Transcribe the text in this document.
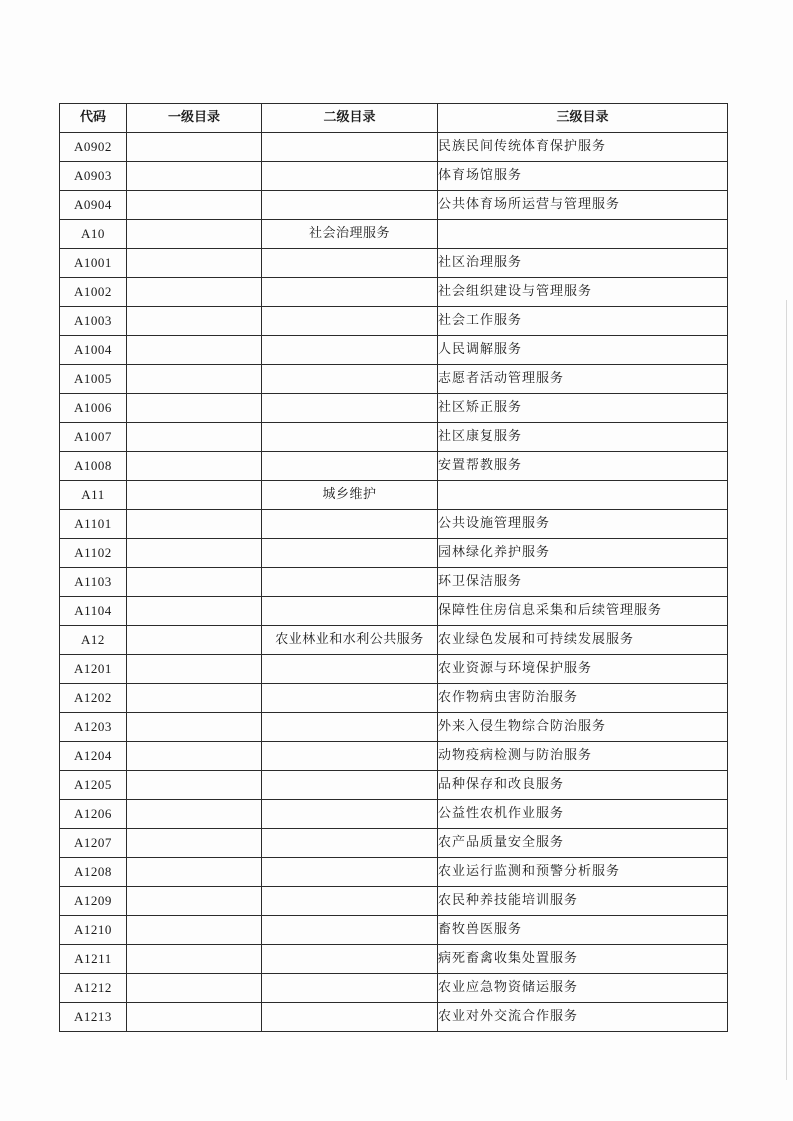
代码	一级目录	二级目录	三级目录
A0902			民族民间传统体育保护服务
A0903			体育场馆服务
A0904			公共体育场所运营与管理服务
A10		社会治理服务	
A1001			社区治理服务
A1002			社会组织建设与管理服务
A1003			社会工作服务
A1004			人民调解服务
A1005			志愿者活动管理服务
A1006			社区矫正服务
A1007			社区康复服务
A1008			安置帮教服务
A11		城乡维护	
A1101			公共设施管理服务
A1102			园林绿化养护服务
A1103			环卫保洁服务
A1104			保障性住房信息采集和后续管理服务
A12		农业林业和水利公共服务	农业绿色发展和可持续发展服务
A1201			农业资源与环境保护服务
A1202			农作物病虫害防治服务
A1203			外来入侵生物综合防治服务
A1204			动物疫病检测与防治服务
A1205			品种保存和改良服务
A1206			公益性农机作业服务
A1207			农产品质量安全服务
A1208			农业运行监测和预警分析服务
A1209			农民种养技能培训服务
A1210			畜牧兽医服务
A1211			病死畜禽收集处置服务
A1212			农业应急物资储运服务
A1213			农业对外交流合作服务
